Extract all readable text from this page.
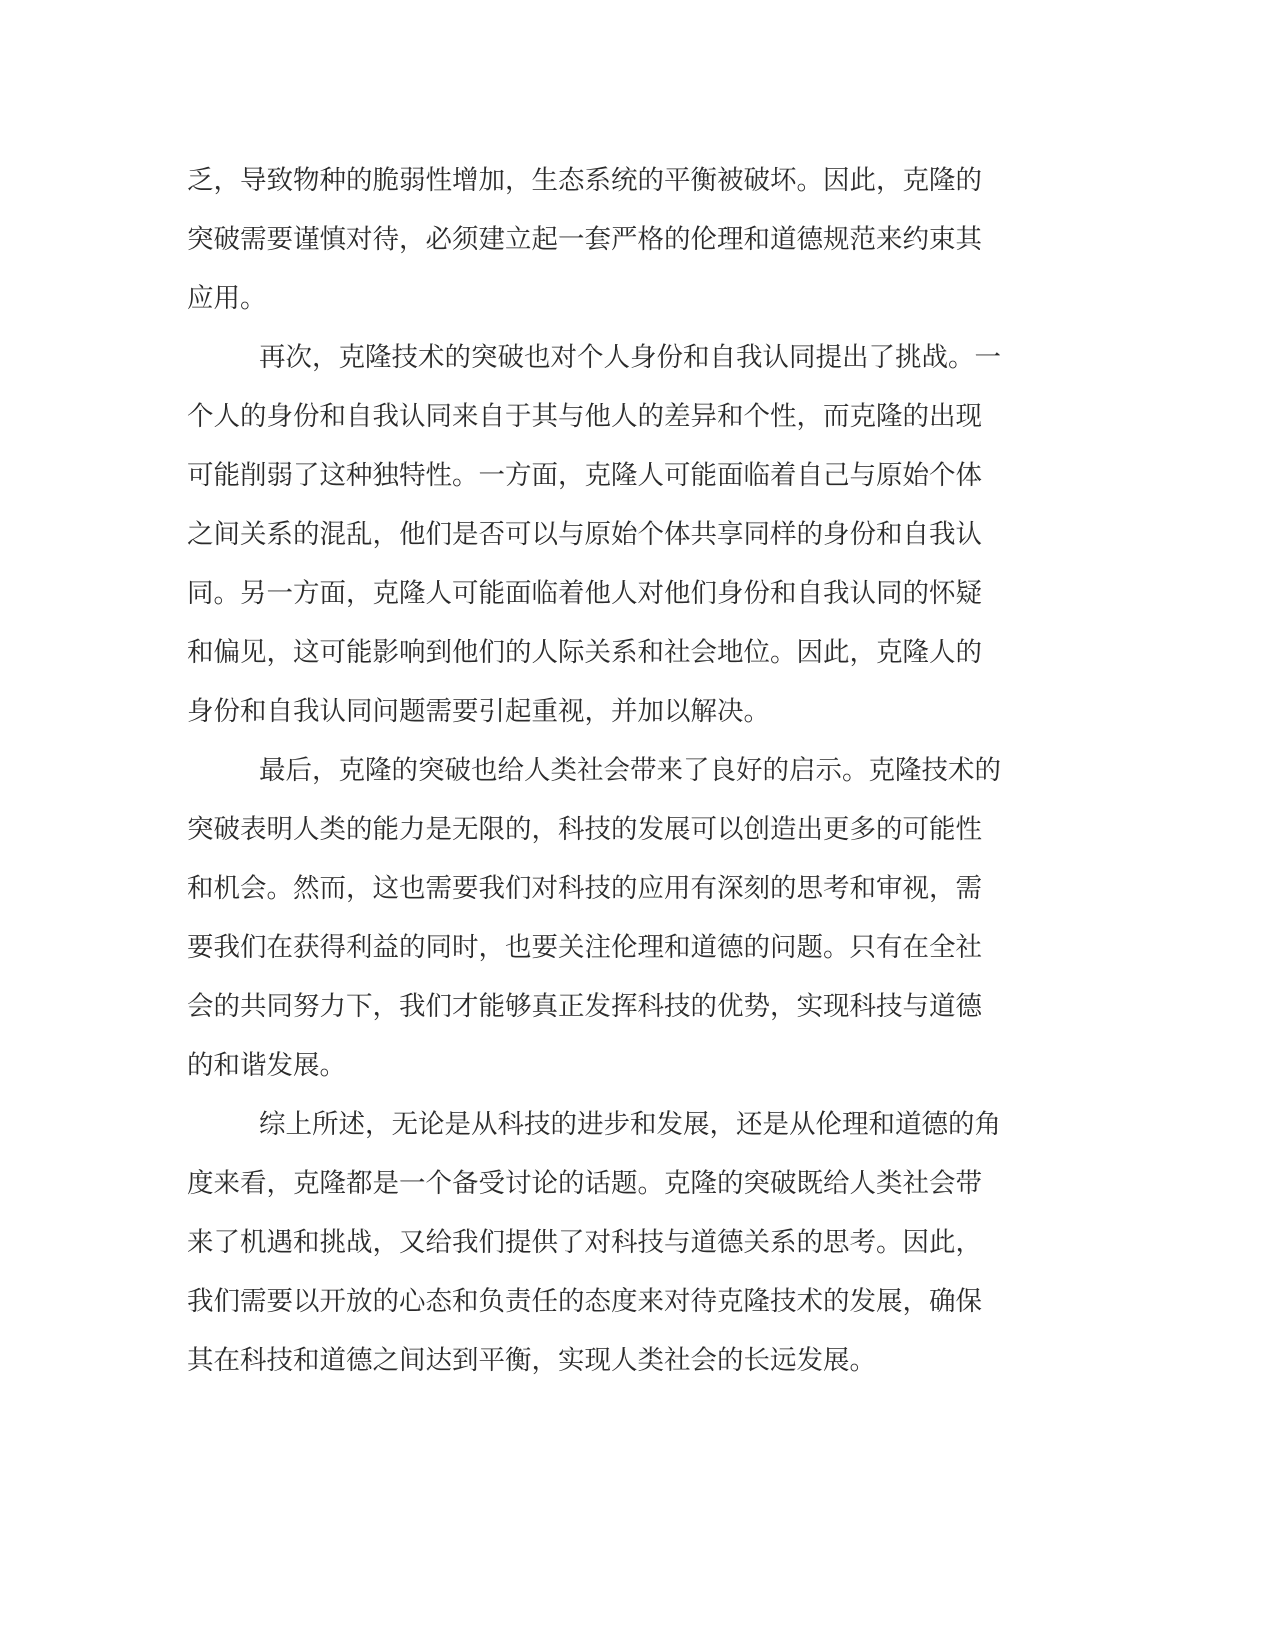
乏，导致物种的脆弱性增加，生态系统的平衡被破坏。因此，克隆的
突破需要谨慎对待，必须建立起一套严格的伦理和道德规范来约束其
应用。
再次，克隆技术的突破也对个人身份和自我认同提出了挑战。一
个人的身份和自我认同来自于其与他人的差异和个性，而克隆的出现
可能削弱了这种独特性。一方面，克隆人可能面临着自己与原始个体
之间关系的混乱，他们是否可以与原始个体共享同样的身份和自我认
同。另一方面，克隆人可能面临着他人对他们身份和自我认同的怀疑
和偏见，这可能影响到他们的人际关系和社会地位。因此，克隆人的
身份和自我认同问题需要引起重视，并加以解决。
最后，克隆的突破也给人类社会带来了良好的启示。克隆技术的
突破表明人类的能力是无限的，科技的发展可以创造出更多的可能性
和机会。然而，这也需要我们对科技的应用有深刻的思考和审视，需
要我们在获得利益的同时，也要关注伦理和道德的问题。只有在全社
会的共同努力下，我们才能够真正发挥科技的优势，实现科技与道德
的和谐发展。
综上所述，无论是从科技的进步和发展，还是从伦理和道德的角
度来看，克隆都是一个备受讨论的话题。克隆的突破既给人类社会带
来了机遇和挑战，又给我们提供了对科技与道德关系的思考。因此，
我们需要以开放的心态和负责任的态度来对待克隆技术的发展，确保
其在科技和道德之间达到平衡，实现人类社会的长远发展。
